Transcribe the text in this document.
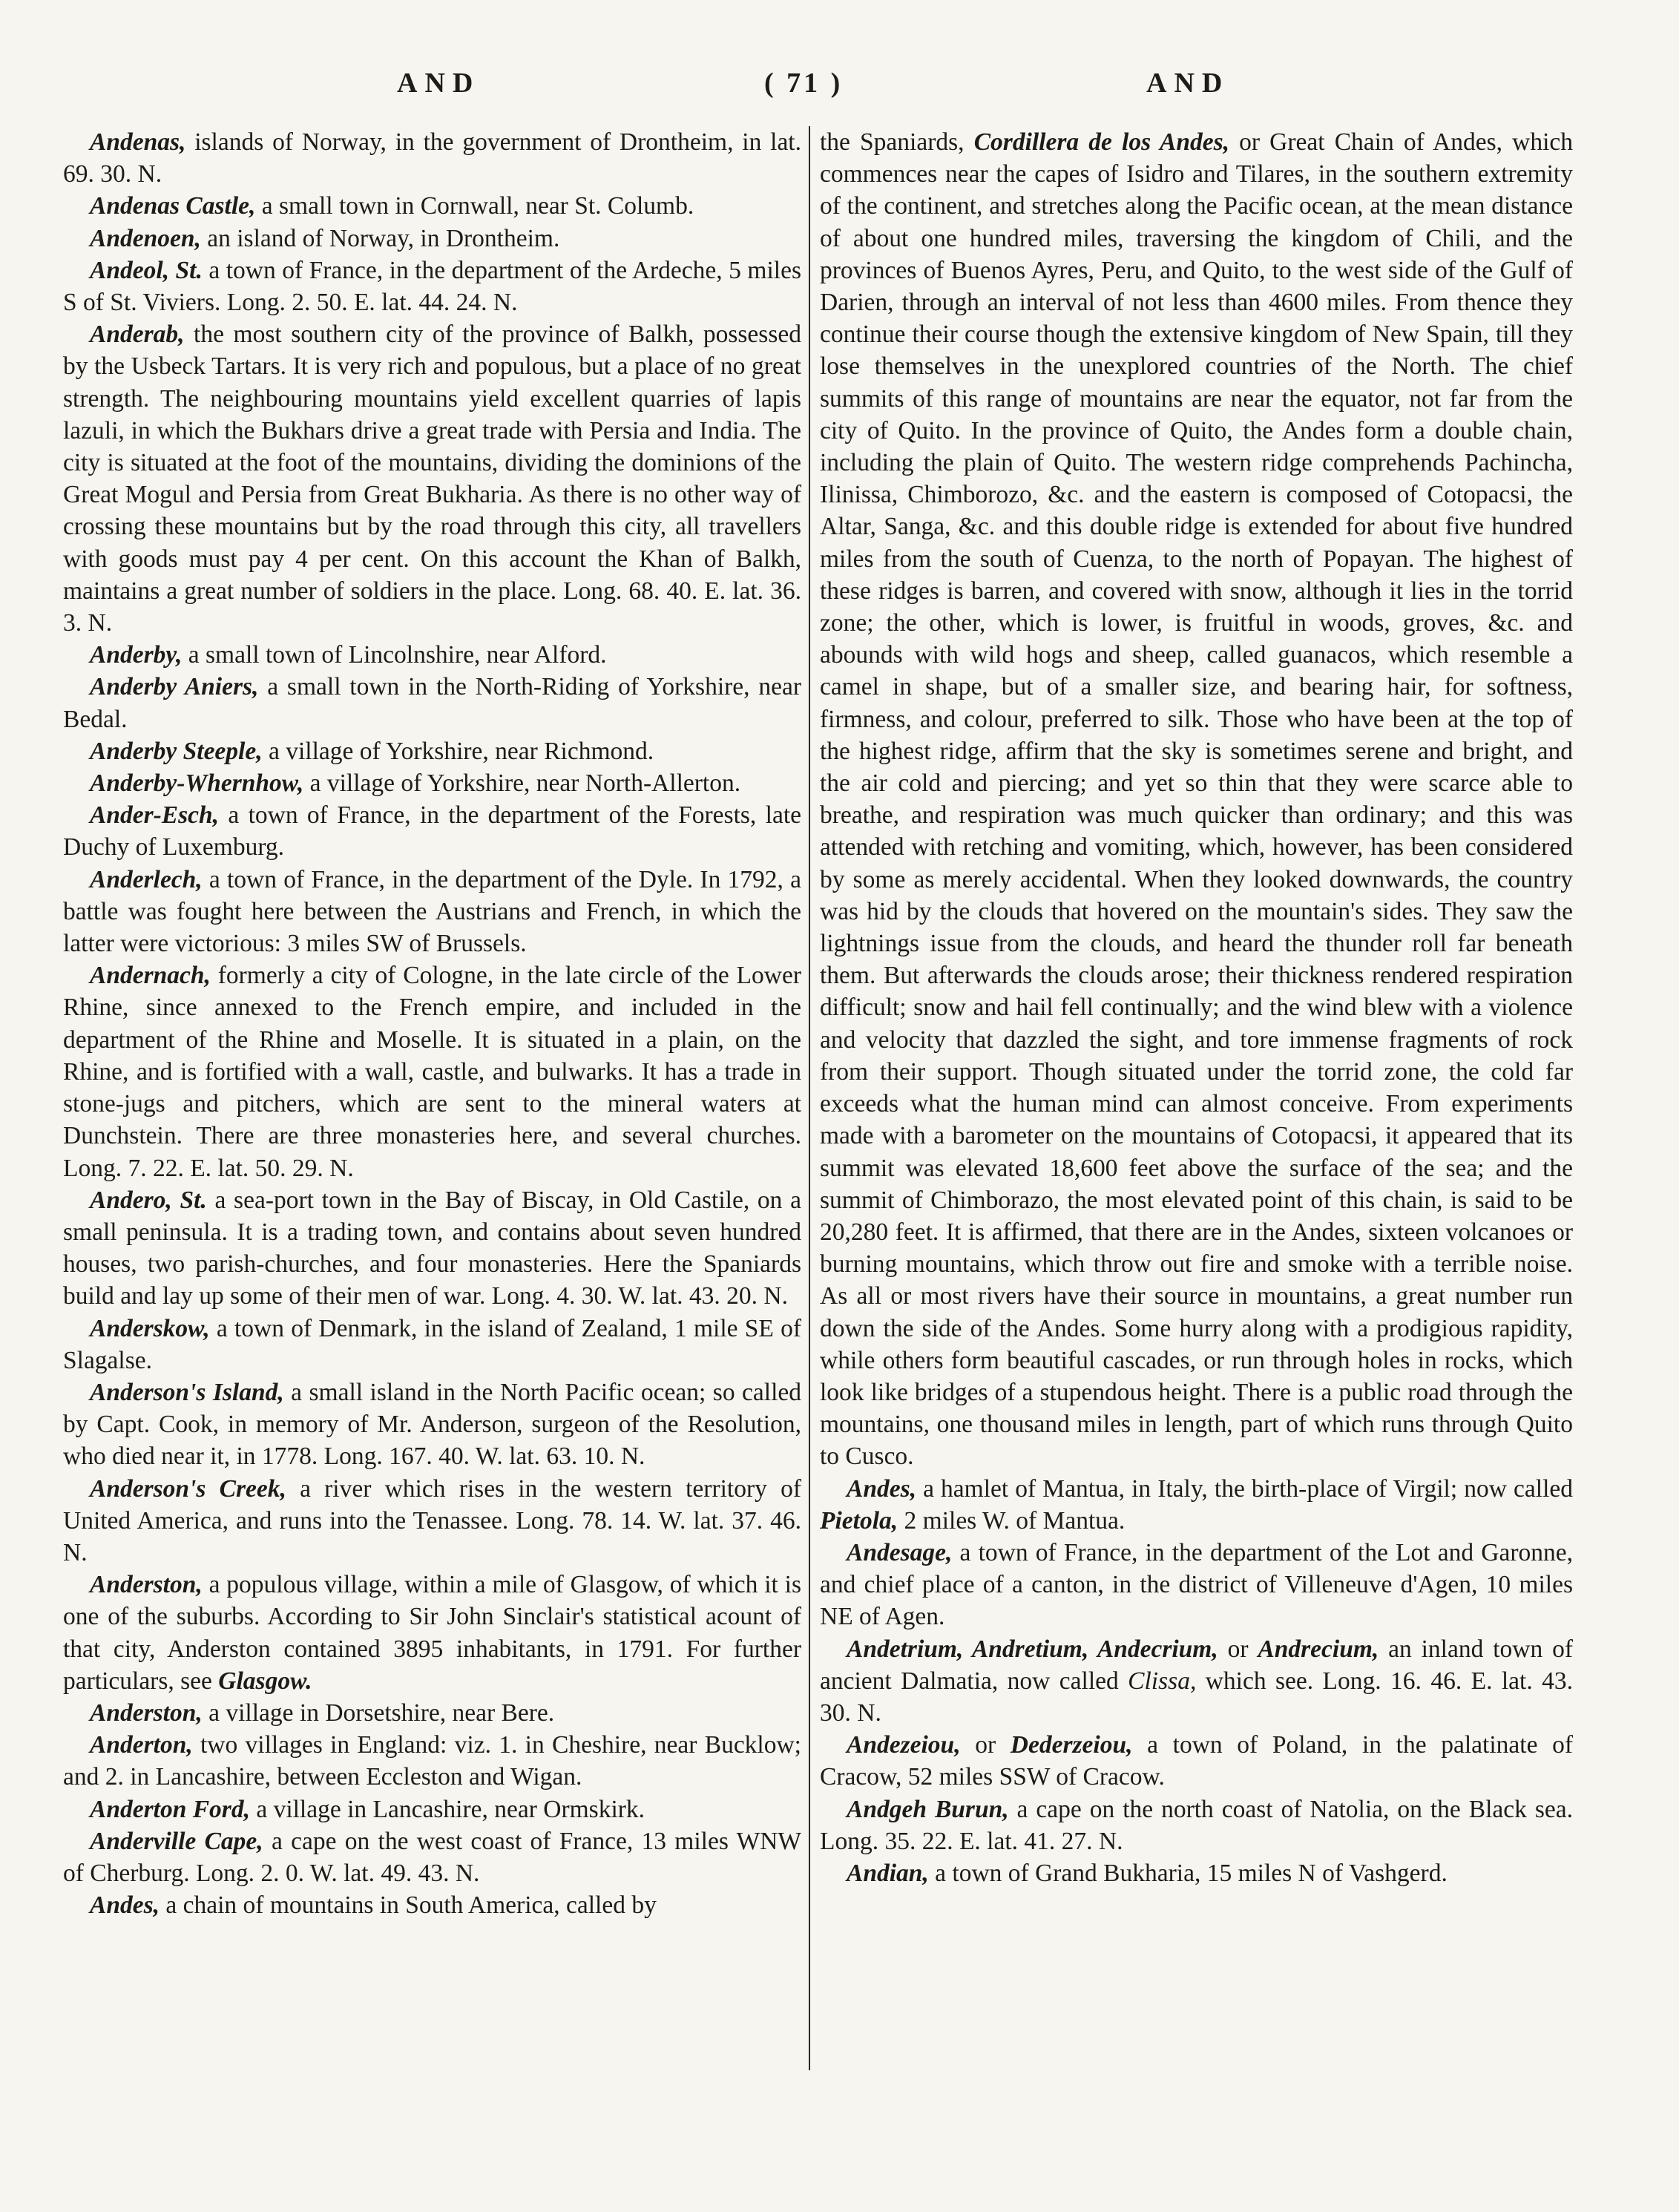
AND	( 71 )	AND

Andenas, islands of Norway, in the government of Drontheim, in lat. 69. 30. N.

Andenas Castle, a small town in Cornwall, near St. Columb.

Andenoen, an island of Norway, in Drontheim.

Andeol, St. a town of France, in the department of the Ardeche, 5 miles S of St. Viviers. Long. 2. 50. E. lat. 44. 24. N.

Anderab, the most southern city of the province of Balkh, possessed by the Usbeck Tartars. It is very rich and populous, but a place of no great strength. The neighbouring mountains yield excellent quarries of lapis lazuli, in which the Bukhars drive a great trade with Persia and India. The city is situated at the foot of the mountains, dividing the dominions of the Great Mogul and Persia from Great Bukharia. As there is no other way of crossing these mountains but by the road through this city, all travellers with goods must pay 4 per cent. On this account the Khan of Balkh, maintains a great number of soldiers in the place. Long. 68. 40. E. lat. 36. 3. N.

Anderby, a small town of Lincolnshire, near Alford.

Anderby Aniers, a small town in the North-Riding of Yorkshire, near Bedal.

Anderby Steeple, a village of Yorkshire, near Richmond.

Anderby-Whernhow, a village of Yorkshire, near North-Allerton.

Ander-Esch, a town of France, in the department of the Forests, late Duchy of Luxemburg.

Anderlech, a town of France, in the department of the Dyle. In 1792, a battle was fought here between the Austrians and French, in which the latter were victorious: 3 miles SW of Brussels.

Andernach, formerly a city of Cologne, in the late circle of the Lower Rhine, since annexed to the French empire, and included in the department of the Rhine and Moselle. It is situated in a plain, on the Rhine, and is fortified with a wall, castle, and bulwarks. It has a trade in stone-jugs and pitchers, which are sent to the mineral waters at Dunchstein. There are three monasteries here, and several churches. Long. 7. 22. E. lat. 50. 29. N.

Andero, St. a sea-port town in the Bay of Biscay, in Old Castile, on a small peninsula. It is a trading town, and contains about seven hundred houses, two parish-churches, and four monasteries. Here the Spaniards build and lay up some of their men of war. Long. 4. 30. W. lat. 43. 20. N.

Anderskow, a town of Denmark, in the island of Zealand, 1 mile SE of Slagalse.

Anderson's Island, a small island in the North Pacific ocean; so called by Capt. Cook, in memory of Mr. Anderson, surgeon of the Resolution, who died near it, in 1778. Long. 167. 40. W. lat. 63. 10. N.

Anderson's Creek, a river which rises in the western territory of United America, and runs into the Tenassee. Long. 78. 14. W. lat. 37. 46. N.

Anderston, a populous village, within a mile of Glasgow, of which it is one of the suburbs. According to Sir John Sinclair's statistical acount of that city, Anderston contained 3895 inhabitants, in 1791. For further particulars, see Glasgow.

Anderston, a village in Dorsetshire, near Bere.

Anderton, two villages in England: viz. 1. in Cheshire, near Bucklow; and 2. in Lancashire, between Eccleston and Wigan.

Anderton Ford, a village in Lancashire, near Ormskirk.

Anderville Cape, a cape on the west coast of France, 13 miles WNW of Cherburg. Long. 2. 0. W. lat. 49. 43. N.

Andes, a chain of mountains in South America, called by

the Spaniards, Cordillera de los Andes, or Great Chain of Andes, which commences near the capes of Isidro and Tilares, in the southern extremity of the continent, and stretches along the Pacific ocean, at the mean distance of about one hundred miles, traversing the kingdom of Chili, and the provinces of Buenos Ayres, Peru, and Quito, to the west side of the Gulf of Darien, through an interval of not less than 4600 miles. From thence they continue their course though the extensive kingdom of New Spain, till they lose themselves in the unexplored countries of the North. The chief summits of this range of mountains are near the equator, not far from the city of Quito. In the province of Quito, the Andes form a double chain, including the plain of Quito. The western ridge comprehends Pachincha, Ilinissa, Chimborozo, &c. and the eastern is composed of Cotopacsi, the Altar, Sanga, &c. and this double ridge is extended for about five hundred miles from the south of Cuenza, to the north of Popayan. The highest of these ridges is barren, and covered with snow, although it lies in the torrid zone; the other, which is lower, is fruitful in woods, groves, &c. and abounds with wild hogs and sheep, called guanacos, which resemble a camel in shape, but of a smaller size, and bearing hair, for softness, firmness, and colour, preferred to silk. Those who have been at the top of the highest ridge, affirm that the sky is sometimes serene and bright, and the air cold and piercing; and yet so thin that they were scarce able to breathe, and respiration was much quicker than ordinary; and this was attended with retching and vomiting, which, however, has been considered by some as merely accidental. When they looked downwards, the country was hid by the clouds that hovered on the mountain's sides. They saw the lightnings issue from the clouds, and heard the thunder roll far beneath them. But afterwards the clouds arose; their thickness rendered respiration difficult; snow and hail fell continually; and the wind blew with a violence and velocity that dazzled the sight, and tore immense fragments of rock from their support. Though situated under the torrid zone, the cold far exceeds what the human mind can almost conceive. From experiments made with a barometer on the mountains of Cotopacsi, it appeared that its summit was elevated 18,600 feet above the surface of the sea; and the summit of Chimborazo, the most elevated point of this chain, is said to be 20,280 feet. It is affirmed, that there are in the Andes, sixteen volcanoes or burning mountains, which throw out fire and smoke with a terrible noise. As all or most rivers have their source in mountains, a great number run down the side of the Andes. Some hurry along with a prodigious rapidity, while others form beautiful cascades, or run through holes in rocks, which look like bridges of a stupendous height. There is a public road through the mountains, one thousand miles in length, part of which runs through Quito to Cusco.

Andes, a hamlet of Mantua, in Italy, the birth-place of Virgil; now called Pietola, 2 miles W. of Mantua.

Andesage, a town of France, in the department of the Lot and Garonne, and chief place of a canton, in the district of Villeneuve d'Agen, 10 miles NE of Agen.

Andetrium, Andretium, Andecrium, or Andrecium, an inland town of ancient Dalmatia, now called Clissa, which see. Long. 16. 46. E. lat. 43. 30. N.

Andezeiou, or Dederzeiou, a town of Poland, in the palatinate of Cracow, 52 miles SSW of Cracow.

Andgeh Burun, a cape on the north coast of Natolia, on the Black sea. Long. 35. 22. E. lat. 41. 27. N.

Andian, a town of Grand Bukharia, 15 miles N of Vashgerd.
